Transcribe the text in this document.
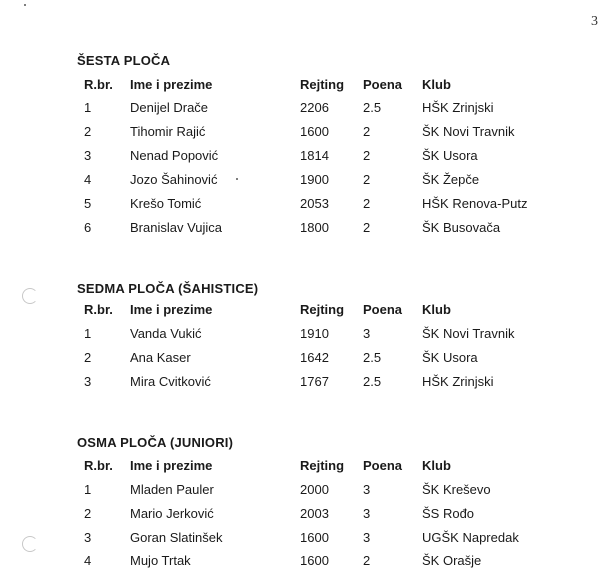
3
ŠESTA PLOČA
R.br. Ime i prezime	Rejting Poena Klub
1	Denijel Drače	2206	2.5	HŠK Zrinjski
2	Tihomir Rajić	1600	2	ŠK Novi Travnik
3	Nenad Popović	1814	2	ŠK Usora
4	Jozo Šahinović	1900	2	ŠK Žepče
5	Krešo Tomić	2053	2	HŠK Renova-Putz
6	Branislav Vujica	1800	2	ŠK Busovača
SEDMA PLOČA (ŠAHISTICE)
R.br. Ime i prezime	Rejting Poena Klub
1	Vanda Vukić	1910	3	ŠK Novi Travnik
2	Ana Kaser	1642	2.5	ŠK Usora
3	Mira Cvitković	1767	2.5	HŠK Zrinjski
OSMA PLOČA (JUNIORI)
R.br. Ime i prezime	Rejting Poena Klub
1	Mladen Pauler	2000	3	ŠK Kreševo
2	Mario Jerković	2003	3	ŠS Rođo
3	Goran Slatinšek	1600	3	UGŠK Napredak
4	Mujo Trtak	1600	2	ŠK Orašje
